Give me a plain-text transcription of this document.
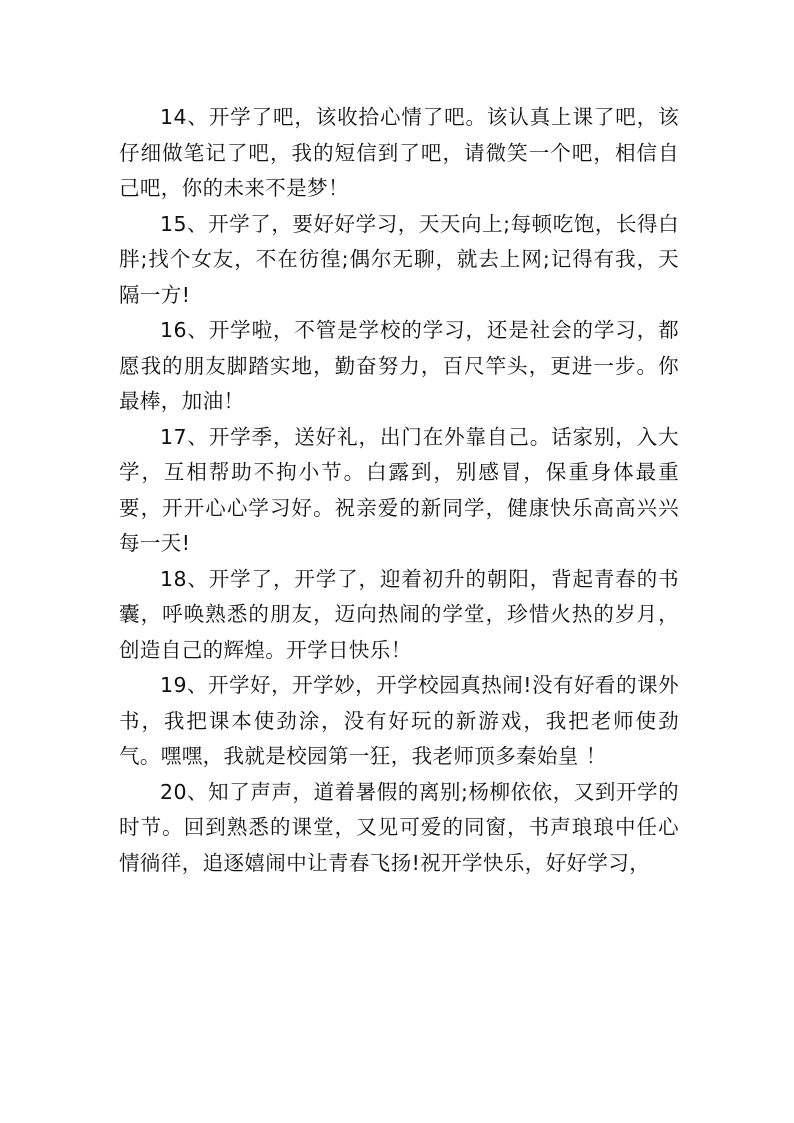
14、开学了吧，该收拾心情了吧。该认真上课了吧，该仔细做笔记了吧，我的短信到了吧，请微笑一个吧，相信自己吧，你的未来不是梦！

15、开学了，要好好学习，天天向上;每顿吃饱，长得白胖;找个女友，不在彷徨;偶尔无聊，就去上网;记得有我，天隔一方!

16、开学啦，不管是学校的学习，还是社会的学习，都愿我的朋友脚踏实地，勤奋努力，百尺竿头，更进一步。你最棒，加油！

17、开学季，送好礼，出门在外靠自己。话家别，入大学，互相帮助不拘小节。白露到，别感冒，保重身体最重要，开开心心学习好。祝亲爱的新同学，健康快乐高高兴兴每一天!

18、开学了，开学了，迎着初升的朝阳，背起青春的书囊，呼唤熟悉的朋友，迈向热闹的学堂，珍惜火热的岁月，创造自己的辉煌。开学日快乐！

19、开学好，开学妙，开学校园真热闹!没有好看的课外书，我把课本使劲涂，没有好玩的新游戏，我把老师使劲气。嘿嘿，我就是校园第一狂，我老师顶多秦始皇 ！

20、知了声声，道着暑假的离别;杨柳依依，又到开学的时节。回到熟悉的课堂，又见可爱的同窗，书声琅琅中任心情徜徉，追逐嬉闹中让青春飞扬!祝开学快乐，好好学习，
